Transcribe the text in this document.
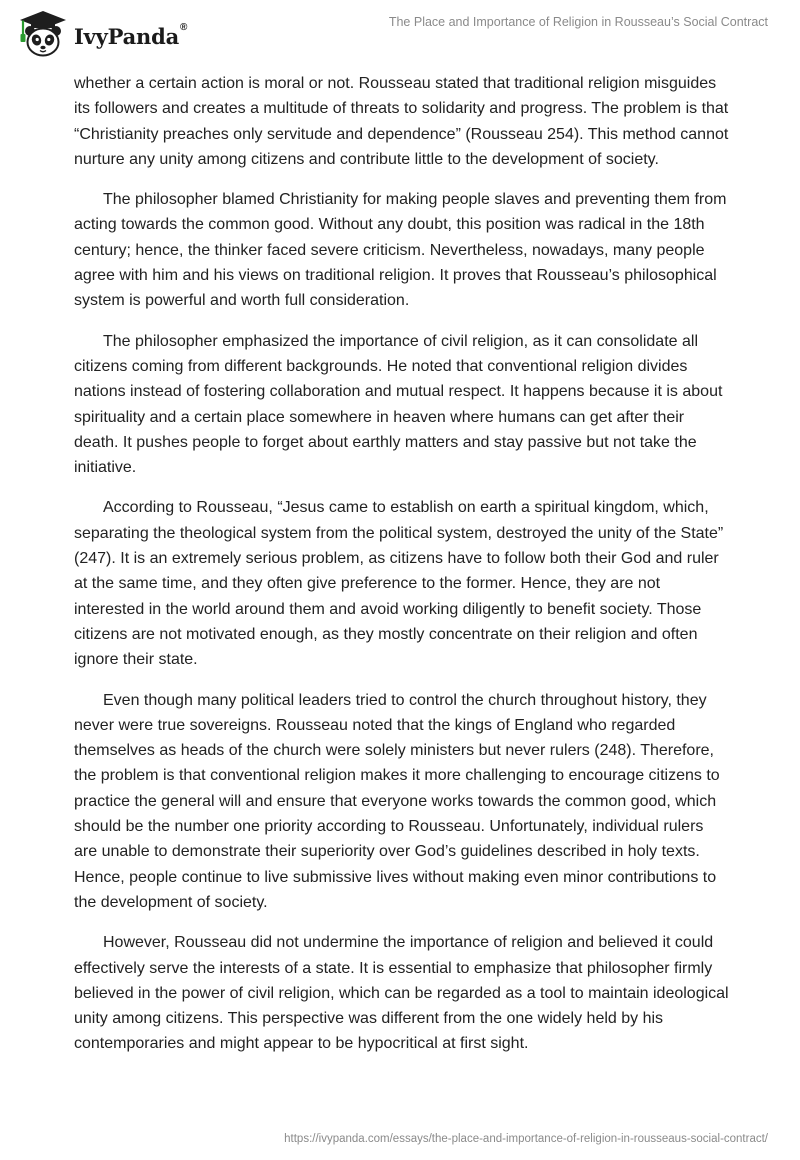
IvyPanda®	The Place and Importance of Religion in Rousseau’s Social Contract

whether a certain action is moral or not. Rousseau stated that traditional religion misguides its followers and creates a multitude of threats to solidarity and progress. The problem is that “Christianity preaches only servitude and dependence” (Rousseau 254). This method cannot nurture any unity among citizens and contribute little to the development of society.

The philosopher blamed Christianity for making people slaves and preventing them from acting towards the common good. Without any doubt, this position was radical in the 18th century; hence, the thinker faced severe criticism. Nevertheless, nowadays, many people agree with him and his views on traditional religion. It proves that Rousseau’s philosophical system is powerful and worth full consideration.

The philosopher emphasized the importance of civil religion, as it can consolidate all citizens coming from different backgrounds. He noted that conventional religion divides nations instead of fostering collaboration and mutual respect. It happens because it is about spirituality and a certain place somewhere in heaven where humans can get after their death. It pushes people to forget about earthly matters and stay passive but not take the initiative.

According to Rousseau, “Jesus came to establish on earth a spiritual kingdom, which, separating the theological system from the political system, destroyed the unity of the State” (247). It is an extremely serious problem, as citizens have to follow both their God and ruler at the same time, and they often give preference to the former. Hence, they are not interested in the world around them and avoid working diligently to benefit society. Those citizens are not motivated enough, as they mostly concentrate on their religion and often ignore their state.

Even though many political leaders tried to control the church throughout history, they never were true sovereigns. Rousseau noted that the kings of England who regarded themselves as heads of the church were solely ministers but never rulers (248). Therefore, the problem is that conventional religion makes it more challenging to encourage citizens to practice the general will and ensure that everyone works towards the common good, which should be the number one priority according to Rousseau. Unfortunately, individual rulers are unable to demonstrate their superiority over God’s guidelines described in holy texts. Hence, people continue to live submissive lives without making even minor contributions to the development of society.

However, Rousseau did not undermine the importance of religion and believed it could effectively serve the interests of a state. It is essential to emphasize that philosopher firmly believed in the power of civil religion, which can be regarded as a tool to maintain ideological unity among citizens. This perspective was different from the one widely held by his contemporaries and might appear to be hypocritical at first sight.

https://ivypanda.com/essays/the-place-and-importance-of-religion-in-rousseaus-social-contract/
